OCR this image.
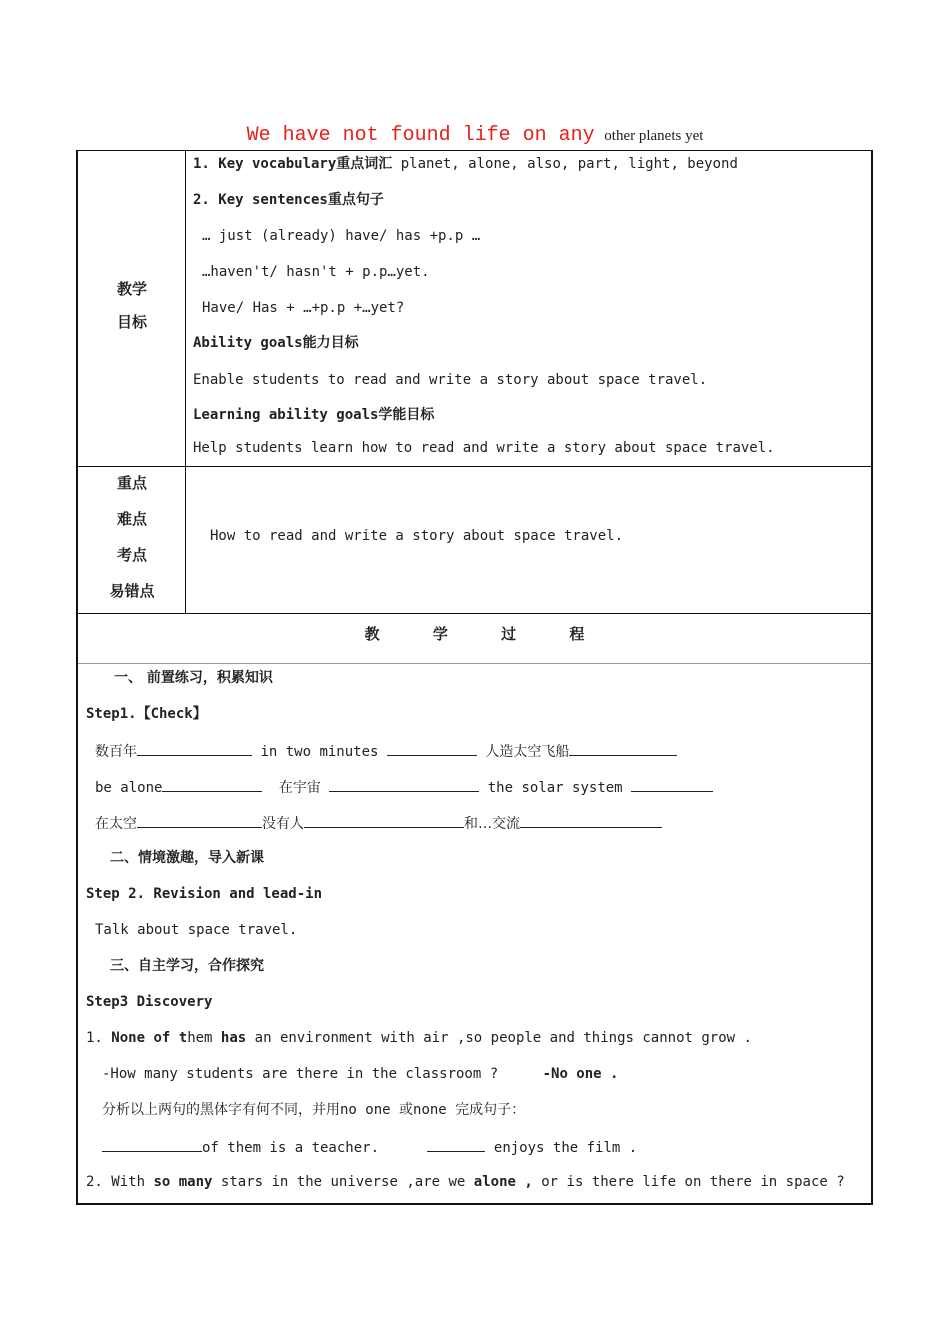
We have not found life on any other planets yet
教学
目标
1. Key vocabulary重点词汇 planet, alone, also, part, light, beyond
2. Key sentences重点句子
… just (already) have/ has +p.p …
…haven't/ hasn't + p.p…yet.
Have/ Has + …+p.p +…yet?
Ability goals能力目标
Enable students to read and write a story about space travel.
Learning ability goals学能目标
Help students learn how to read and write a story about space travel.
重点
难点
考点
易错点
How to read and write a story about space travel.
教 学 过 程
一、 前置练习，积累知识
Step1.【Check】
数百年	in two minutes	人造太空飞船
be alone	在宇宙	the solar system
在太空	没有人	和…交流
二、情境激趣，导入新课
Step 2. Revision and lead-in
Talk about space travel.
三、自主学习，合作探究
Step3 Discovery
1. None of them has an environment with air ,so people and things cannot grow .
-How many students are there in the classroom ?	-No one .
分析以上两句的黑体字有何不同，并用no one 或none 完成句子：
of them is a teacher.	enjoys the film .
2. With so many stars in the universe ,are we alone , or is there life on there in space ?
